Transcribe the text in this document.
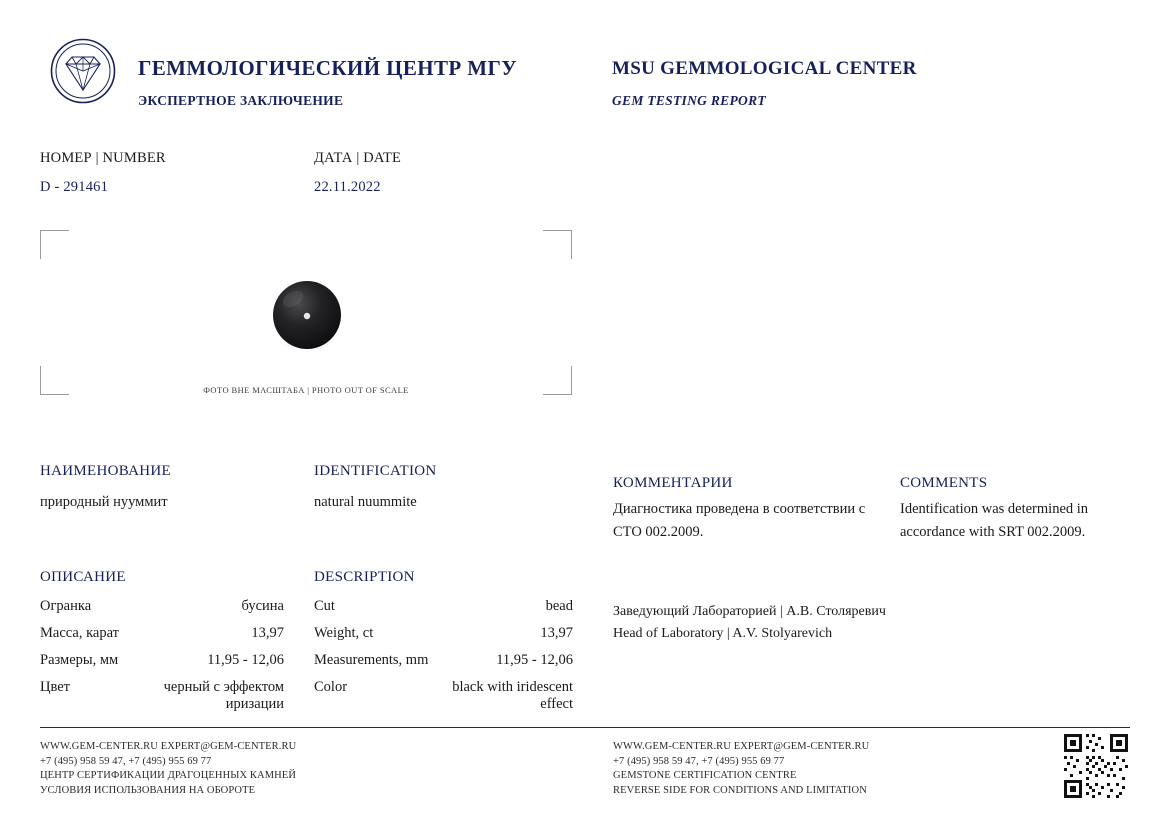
ГЕММОЛОГИЧЕСКИЙ ЦЕНТР МГУ
ЭКСПЕРТНОЕ ЗАКЛЮЧЕНИЕ
MSU GEMMOLOGICAL CENTER
GEM TESTING REPORT
НОМЕР | NUMBER
D - 291461
ДАТА | DATE
22.11.2022
ФОТО ВНЕ МАСШТАБА | PHOTO OUT OF SCALE
НАИМЕНОВАНИЕ
природный нууммит
IDENTIFICATION
natural nuummite
КОММЕНТАРИИ
Диагностика проведена в соответствии с СТО 002.2009.
COMMENTS
Identification was determined in accordance with SRT 002.2009.
ОПИСАНИЕ	DESCRIPTION
Огранка	бусина
Масса, карат	13,97
Размеры, мм	11,95 - 12,06
Цвет	черный с эффектом иризации
Cut	bead
Weight, ct	13,97
Measurements, mm	11,95 - 12,06
Color	black with iridescent effect
Заведующий Лабораторией | А.В. Столяревич
Head of Laboratory | A.V. Stolyarevich
WWW.GEM-CENTER.RU EXPERT@GEM-CENTER.RU
+7 (495) 958 59 47, +7 (495) 955 69 77
ЦЕНТР СЕРТИФИКАЦИИ ДРАГОЦЕННЫХ КАМНЕЙ
УСЛОВИЯ ИСПОЛЬЗОВАНИЯ НА ОБОРОТЕ
WWW.GEM-CENTER.RU EXPERT@GEM-CENTER.RU
+7 (495) 958 59 47, +7 (495) 955 69 77
GEMSTONE CERTIFICATION CENTRE
REVERSE SIDE FOR CONDITIONS AND LIMITATION
